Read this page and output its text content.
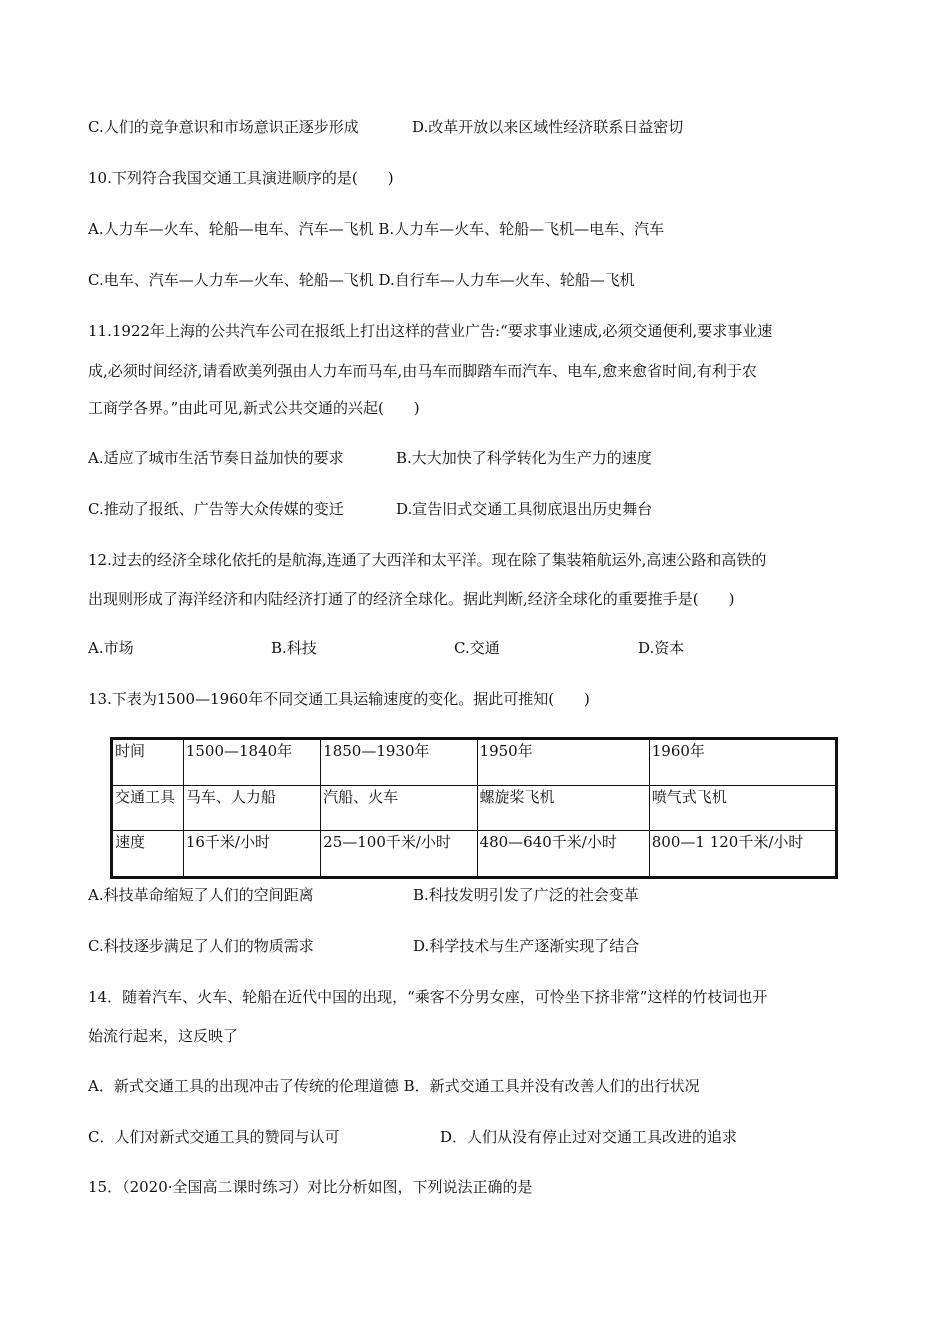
C.人们的竞争意识和市场意识正逐步形成	D.改革开放以来区域性经济联系日益密切
10.下列符合我国交通工具演进顺序的是(　　)
A.人力车—火车、轮船—电车、汽车—飞机 B.人力车—火车、轮船—飞机—电车、汽车
C.电车、汽车—人力车—火车、轮船—飞机 D.自行车—人力车—火车、轮船—飞机
11.1922年上海的公共汽车公司在报纸上打出这样的营业广告:“要求事业速成,必须交通便利,要求事业速
成,必须时间经济,请看欧美列强由人力车而马车,由马车而脚踏车而汽车、电车,愈来愈省时间,有利于农
工商学各界。”由此可见,新式公共交通的兴起(　　)
A.适应了城市生活节奏日益加快的要求	B.大大加快了科学转化为生产力的速度
C.推动了报纸、广告等大众传媒的变迁	D.宣告旧式交通工具彻底退出历史舞台
12.过去的经济全球化依托的是航海,连通了大西洋和太平洋。现在除了集装箱航运外,高速公路和高铁的
出现则形成了海洋经济和内陆经济打通了的经济全球化。据此判断,经济全球化的重要推手是(　　)
A.市场	B.科技	C.交通	D.资本
13.下表为1500—1960年不同交通工具运输速度的变化。据此可推知(　　)
时间	1500—1840年	1850—1930年	1950年	1960年
交通工具	马车、人力船	汽船、火车	螺旋桨飞机	喷气式飞机
速度	16千米/小时	25—100千米/小时	480—640千米/小时	800—1 120千米/小时
A.科技革命缩短了人们的空间距离	B.科技发明引发了广泛的社会变革
C.科技逐步满足了人们的物质需求	D.科学技术与生产逐渐实现了结合
14．随着汽车、火车、轮船在近代中国的出现，“乘客不分男女座，可怜坐下挤非常”这样的竹枝词也开
始流行起来，这反映了
A．新式交通工具的出现冲击了传统的伦理道德 B．新式交通工具并没有改善人们的出行状况
C．人们对新式交通工具的赞同与认可	D．人们从没有停止过对交通工具改进的追求
15．（2020·全国高二课时练习）对比分析如图，下列说法正确的是
